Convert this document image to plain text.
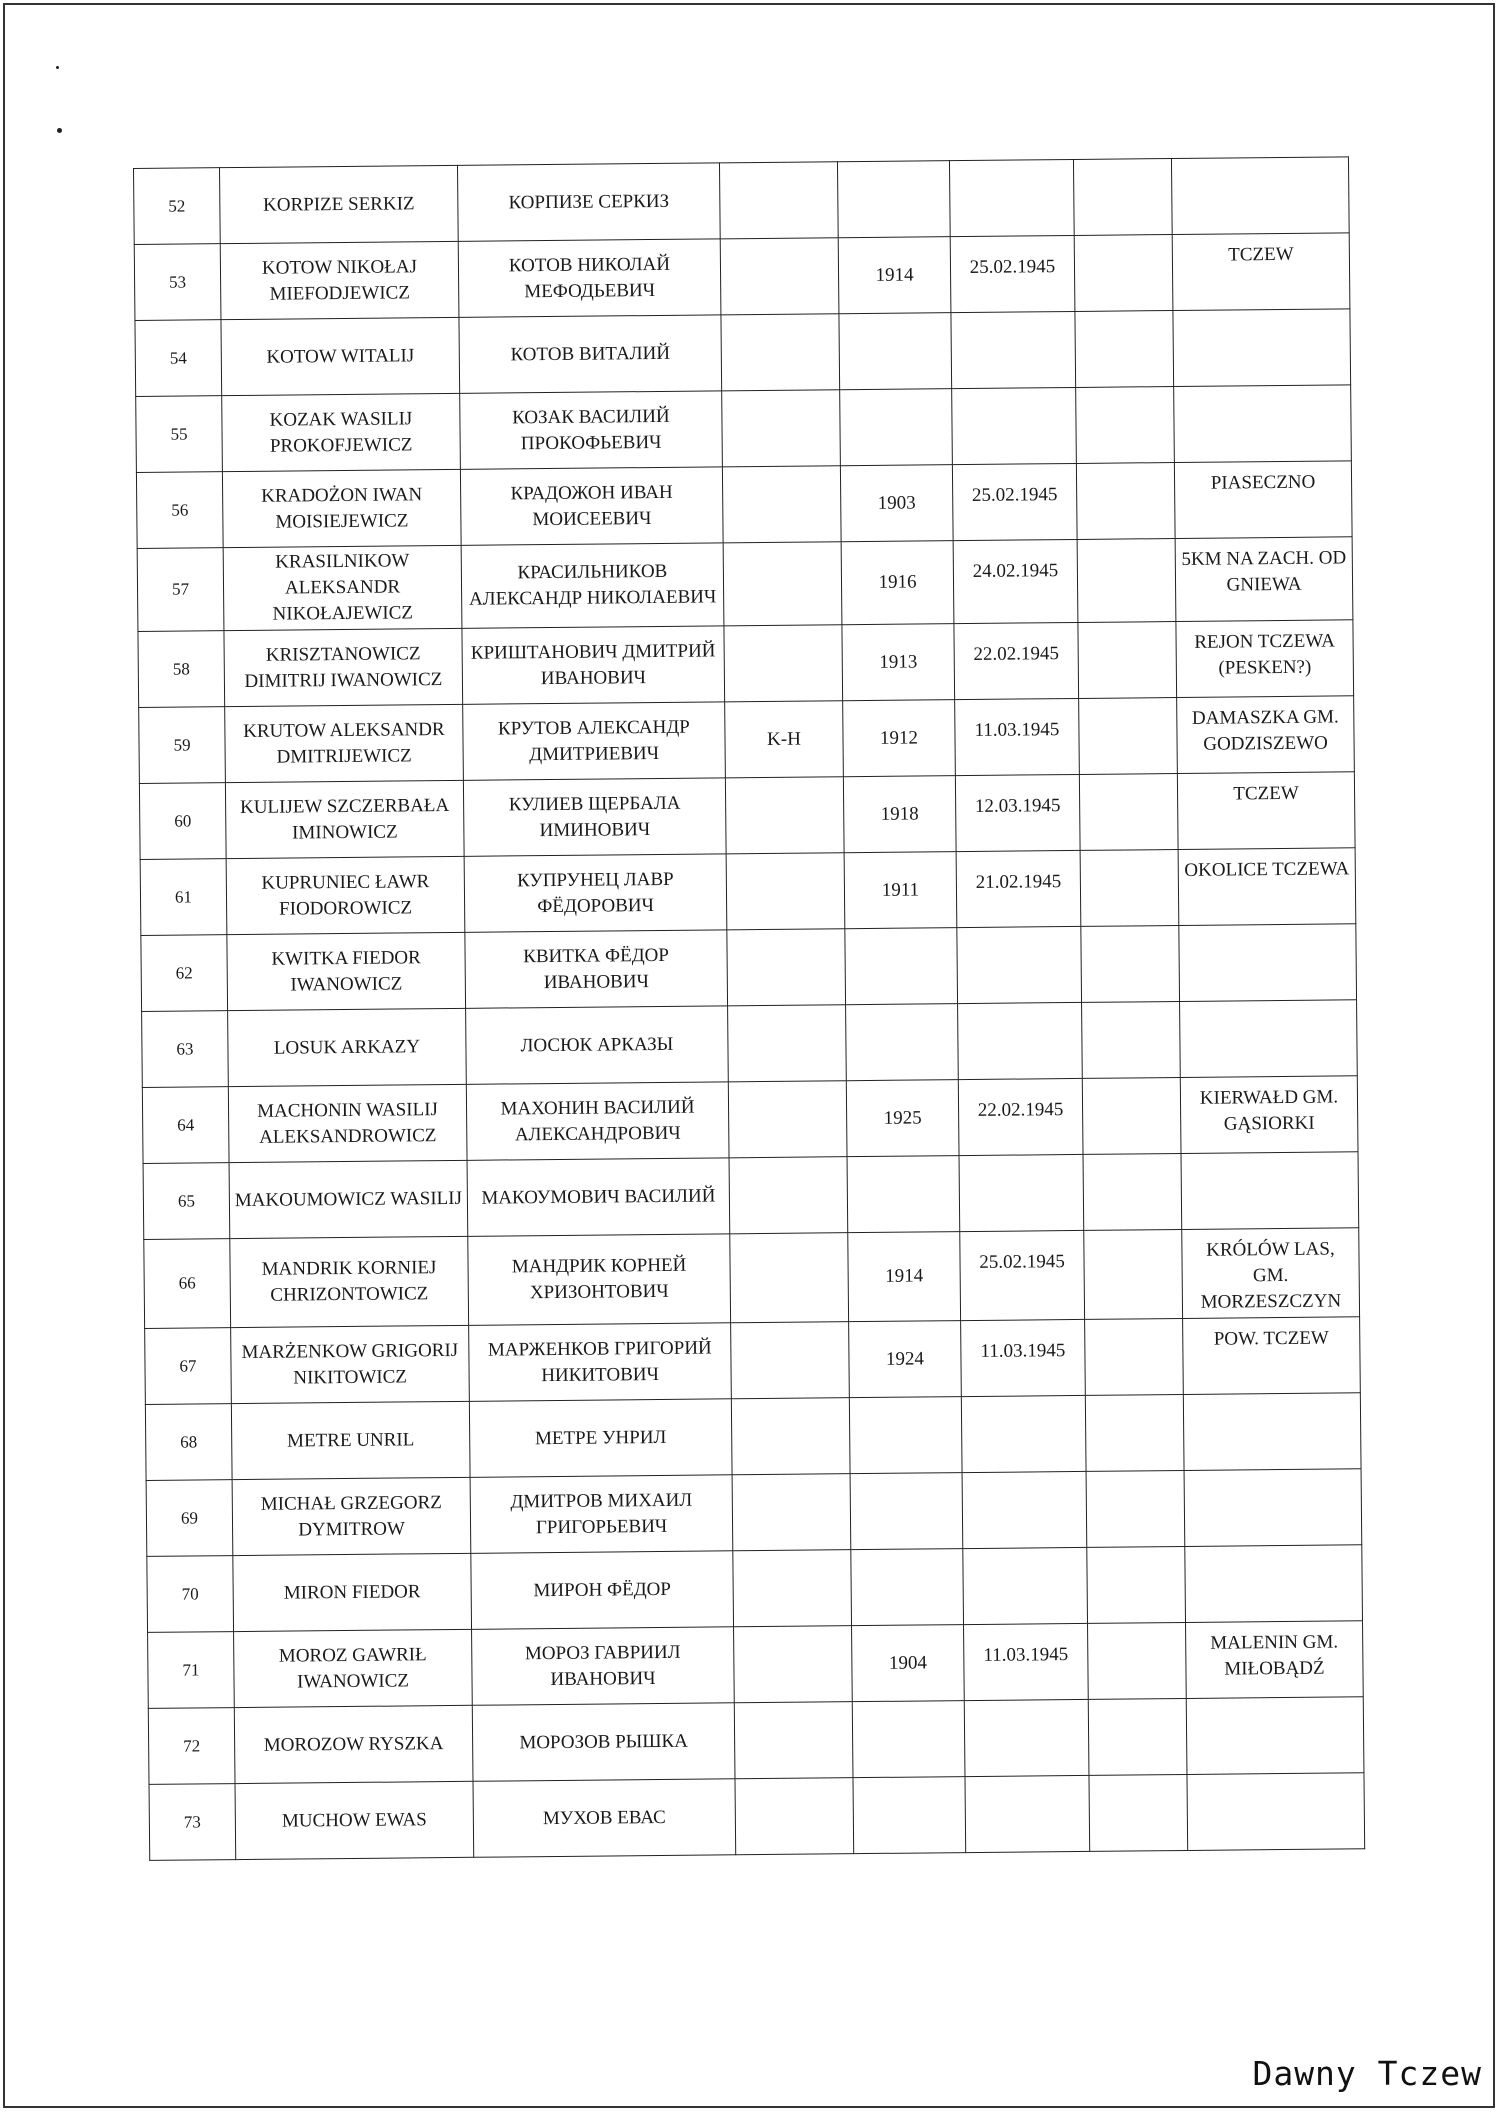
52	KORPIZE SERKIZ	КОРПИЗЕ СЕРКИЗ					
53	KOTOW NIKOŁAJ MIEFODJEWICZ	КОТОВ НИКОЛАЙ МЕФОДЬЕВИЧ		1914	25.02.1945		TCZEW
54	KOTOW WITALIJ	КОТОВ ВИТАЛИЙ					
55	KOZAK WASILIJ PROKOFJEWICZ	КОЗАК ВАСИЛИЙ ПРОКОФЬЕВИЧ					
56	KRADOŻON IWAN MOISIEJEWICZ	КРАДОЖОН ИВАН МОИСЕЕВИЧ		1903	25.02.1945		PIASECZNO
57	KRASILNIKOW ALEKSANDR NIKOŁAJEWICZ	КРАСИЛЬНИКОВ АЛЕКСАНДР НИКОЛАЕВИЧ		1916	24.02.1945		5KM NA ZACH. OD GNIEWA
58	KRISZTANOWICZ DIMITRIJ IWANOWICZ	КРИШТАНОВИЧ ДМИТРИЙ ИВАНОВИЧ		1913	22.02.1945		REJON TCZEWA (PESKEN?)
59	KRUTOW ALEKSANDR DMITRIJEWICZ	КРУТОВ АЛЕКСАНДР ДМИТРИЕВИЧ	K-H	1912	11.03.1945		DAMASZKA GM. GODZISZEWO
60	KULIJEW SZCZERBAŁA IMINOWICZ	КУЛИЕВ ЩЕРБАЛА ИМИНОВИЧ		1918	12.03.1945		TCZEW
61	KUPRUNIEC ŁAWR FIODOROWICZ	КУПРУНЕЦ ЛАВР ФЁДОРОВИЧ		1911	21.02.1945		OKOLICE TCZEWA
62	KWITKA FIEDOR IWANOWICZ	КВИТКА ФЁДОР ИВАНОВИЧ					
63	LOSUK ARKAZY	ЛОСЮК АРКАЗЫ					
64	MACHONIN WASILIJ ALEKSANDROWICZ	МАХОНИН ВАСИЛИЙ АЛЕКСАНДРОВИЧ		1925	22.02.1945		KIERWAŁD GM. GĄSIORKI
65	MAKOUMOWICZ WASILIJ	МАКОУМОВИЧ ВАСИЛИЙ					
66	MANDRIK KORNIEJ CHRIZONTOWICZ	МАНДРИК КОРНЕЙ ХРИЗОНТОВИЧ		1914	25.02.1945		KRÓLÓW LAS, GM. MORZESZCZYN
67	MARŻENKOW GRIGORIJ NIKITOWICZ	МАРЖЕНКОВ ГРИГОРИЙ НИКИТОВИЧ		1924	11.03.1945		POW. TCZEW
68	METRE UNRIL	МЕТРЕ УНРИЛ					
69	MICHAŁ GRZEGORZ DYMITROW	ДМИТРОВ МИХАИЛ ГРИГОРЬЕВИЧ					
70	MIRON FIEDOR	МИРОН ФЁДОР					
71	MOROZ GAWRIŁ IWANOWICZ	МОРОЗ ГАВРИИЛ ИВАНОВИЧ		1904	11.03.1945		MALENIN GM. MIŁOBĄDŹ
72	MOROZOW RYSZKA	МОРОЗОВ РЫШКА					
73	MUCHOW EWAS	МУХОВ ЕВАС					
Dawny Tczew
